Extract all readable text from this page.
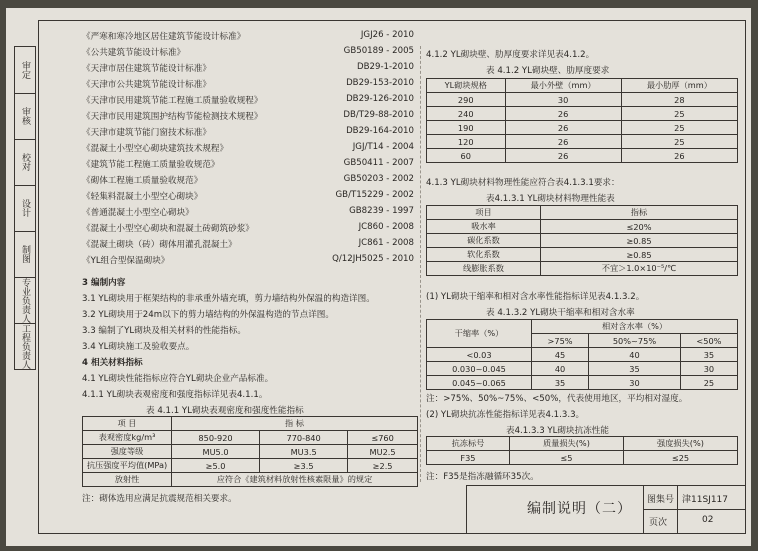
审定
审核
校对
设计
制图
专业负责人
工程负责人
《严寒和寒冷地区居住建筑节能设计标准》	JGJ26 - 2010
《公共建筑节能设计标准》	GB50189 - 2005
《天津市居住建筑节能设计标准》	DB29-1-2010
《天津市公共建筑节能设计标准》	DB29-153-2010
《天津市民用建筑节能工程施工质量验收规程》	DB29-126-2010
《天津市民用建筑围护结构节能检测技术规程》	DB/T29-88-2010
《天津市建筑节能门窗技术标准》	DB29-164-2010
《混凝土小型空心砌块建筑技术规程》	JGJ/T14 - 2004
《建筑节能工程施工质量验收规范》	GB50411 - 2007
《砌体工程施工质量验收规范》	GB50203 - 2002
《轻集料混凝土小型空心砌块》	GB/T15229 - 2002
《普通混凝土小型空心砌块》	GB8239 - 1997
《混凝土小型空心砌块和混凝土砖砌筑砂浆》	JC860 - 2008
《混凝土砌块（砖）砌体用灌孔混凝土》	JC861 - 2008
《YL组合型保温砌块》	Q/12JH5025 - 2010
3 编制内容
3.1 YL砌块用于框架结构的非承重外墙充填，剪力墙结构外保温的构造详图。
3.2 YL砌块用于24m以下的剪力墙结构的外保温构造的节点详图。
3.3 编制了YL砌块及相关材料的性能指标。
3.4 YL砌块施工及验收要点。
4 相关材料指标
4.1 YL砌块性能指标应符合YL砌块企业产品标准。
4.1.1 YL砌块表观密度和强度指标详见表4.1.1。
表 4.1.1 YL砌块表观密度和强度性能指标
项 目	指 标		
表观密度kg/m³	850-920	770-840	≤760
强度等级	MU5.0	MU3.5	MU2.5
抗压强度平均值(MPa)	≥5.0	≥3.5	≥2.5
放射性	应符合《建筑材料放射性核素限量》的规定		
注：砌体选用应满足抗震规范相关要求。
4.1.2 YL砌块壁、肋厚度要求详见表4.1.2。
表 4.1.2 YL砌块壁、肋厚度要求
YL砌块规格	最小外壁（mm）	最小肋厚（mm）
290	30	28
240	26	25
190	26	25
120	26	25
60	26	26
4.1.3 YL砌块材料物理性能应符合表4.1.3.1要求：
表4.1.3.1 YL砌块材料物理性能表
项目	指标
吸水率	≤20%
碳化系数	≥0.85
软化系数	≥0.85
线膨胀系数	不宜＞1.0×10⁻⁵/℃
(1) YL砌块干缩率和相对含水率性能指标详见表4.1.3.2。
表 4.1.3.2 YL砌块干缩率和相对含水率
干缩率（%）	相对含水率（%）		
	>75%	50%~75%	<50%
<0.03	45	40	35
0.030~0.045	40	35	30
0.045~0.065	35	30	25
注：>75%、50%~75%、<50%，代表使用地区，平均相对湿度。
(2) YL砌块抗冻性能指标详见表4.1.3.3。
表4.1.3.3 YL砌块抗冻性能
抗冻标号	质量损失(%)	强度损失(%)
F35	≤5	≤25
注：F35是指冻融循环35次。
编制说明（二）
图集号 津11SJ117
页次	02
